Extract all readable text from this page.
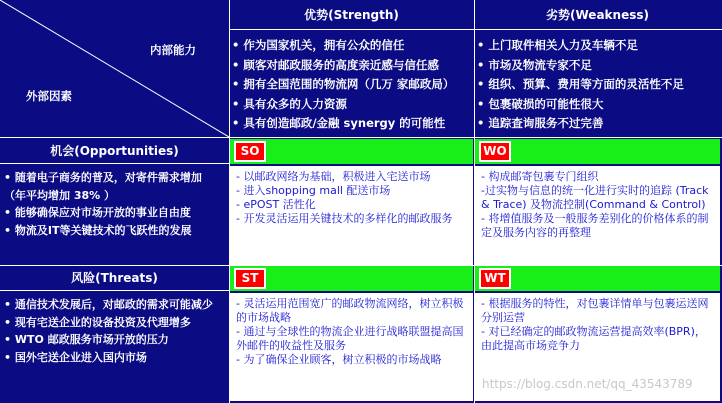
内部能力
外部因素
优势(Strength)	劣势(Weakness)
• 作为国家机关，拥有公众的信任
• 顾客对邮政服务的高度亲近感与信任感
• 拥有全国范围的物流网（几万 家邮政局）
• 具有众多的人力资源
• 具有创造邮政/金融 synergy 的可能性
• 上门取件相关人力及车辆不足
• 市场及物流专家不足
• 组织、预算、费用等方面的灵活性不足
• 包裹破损的可能性很大
• 追踪查询服务不过完善
机会(Opportunities)
• 随着电子商务的普及，对寄件需求增加 （年平均增加 38% ）
• 能够确保应对市场开放的事业自由度
• 物流及IT等关键技术的飞跃性的发展
SO
- 以邮政网络为基础，积极进入宅送市场
- 进入shopping mall 配送市场
- ePOST 活性化
- 开发灵活运用关键技术的多样化的邮政服务
WO
- 构成邮寄包裹专门组织
-过实物与信息的统一化进行实时的追踪 (Track & Trace) 及物流控制(Command & Control)
- 将增值服务及一般服务差别化的价格体系的制定及服务内容的再整理
风险(Threats)
• 通信技术发展后，对邮政的需求可能减少
• 现有宅送企业的设备投资及代理增多
• WTO 邮政服务市场开放的压力
• 国外宅送企业进入国内市场
ST
- 灵活运用范围宽广的邮政物流网络，树立积极的市场战略
- 通过与全球性的物流企业进行战略联盟提高国外邮件的收益性及服务
- 为了确保企业顾客，树立积极的市场战略
WT
- 根据服务的特性，对包裹详情单与包裹运送网分别运营
- 对已经确定的邮政物流运营提高效率(BPR)，由此提高市场竞争力
https://blog.csdn.net/qq_43543789
